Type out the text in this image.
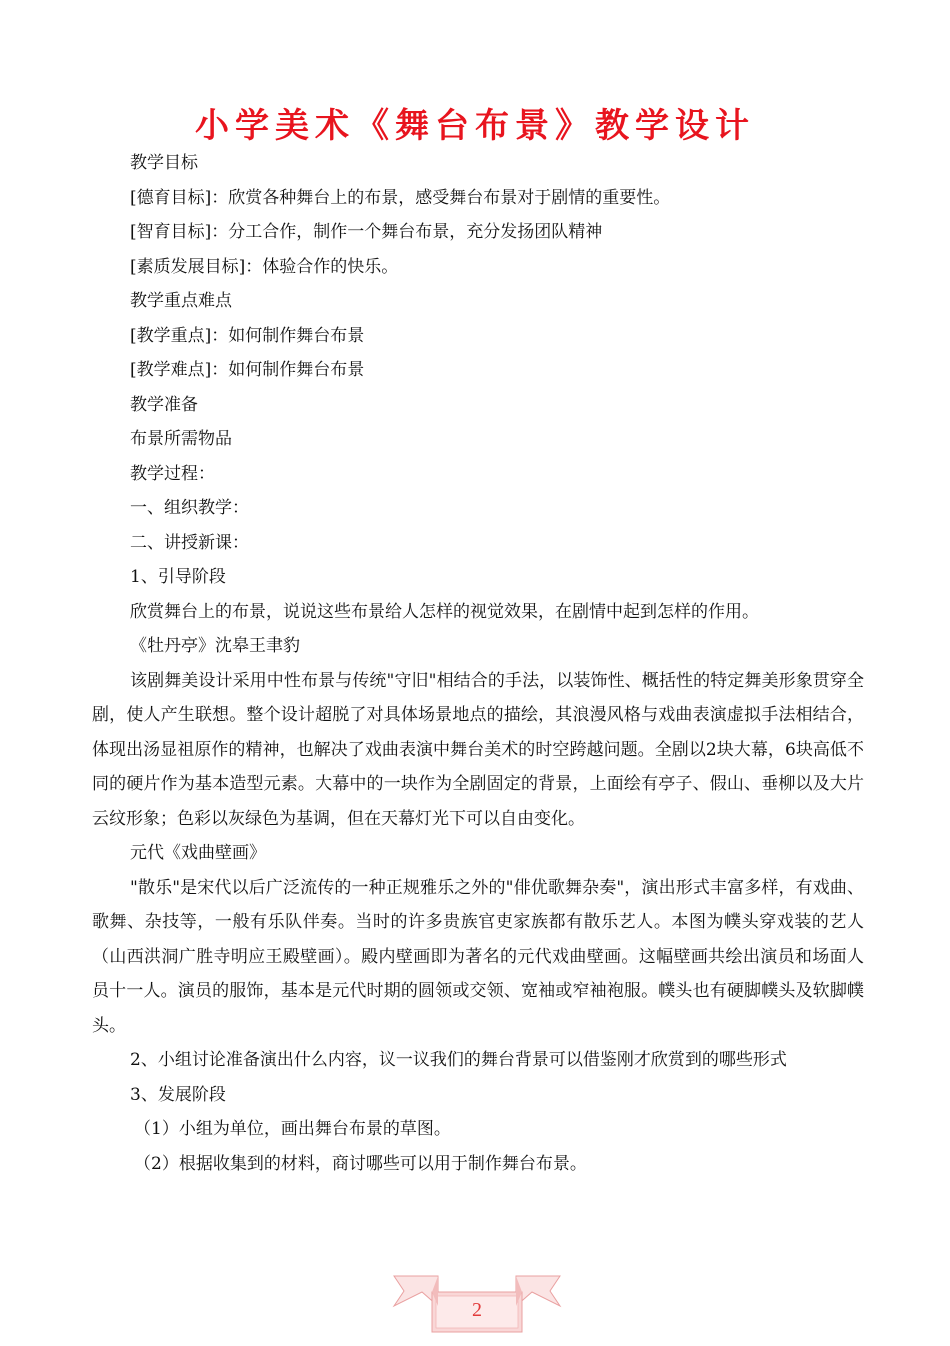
小学美术《舞台布景》教学设计
教学目标
[德育目标]：欣赏各种舞台上的布景，感受舞台布景对于剧情的重要性。
[智育目标]：分工合作，制作一个舞台布景，充分发扬团队精神
[素质发展目标]：体验合作的快乐。
教学重点难点
[教学重点]：如何制作舞台布景
[教学难点]：如何制作舞台布景
教学准备
布景所需物品
教学过程：
一、组织教学：
二、讲授新课：
1、引导阶段
欣赏舞台上的布景，说说这些布景给人怎样的视觉效果，在剧情中起到怎样的作用。
《牡丹亭》沈皋王聿豹

该剧舞美设计采用中性布景与传统"守旧"相结合的手法，以装饰性、概括性的特定舞美形象贯穿全剧，使人产生联想。整个设计超脱了对具体场景地点的描绘，其浪漫风格与戏曲表演虚拟手法相结合，体现出汤显祖原作的精神，也解决了戏曲表演中舞台美术的时空跨越问题。全剧以2块大幕，6块高低不同的硬片作为基本造型元素。大幕中的一块作为全剧固定的背景，上面绘有亭子、假山、垂柳以及大片云纹形象；色彩以灰绿色为基调，但在天幕灯光下可以自由变化。

元代《戏曲壁画》

"散乐"是宋代以后广泛流传的一种正规雅乐之外的"俳优歌舞杂奏"，演出形式丰富多样，有戏曲、歌舞、杂技等，一般有乐队伴奏。当时的许多贵族官吏家族都有散乐艺人。本图为幞头穿戏装的艺人（山西洪洞广胜寺明应王殿壁画）。殿内壁画即为著名的元代戏曲壁画。这幅壁画共绘出演员和场面人员十一人。演员的服饰，基本是元代时期的圆领或交领、宽袖或窄袖袍服。幞头也有硬脚幞头及软脚幞头。

2、小组讨论准备演出什么内容，议一议我们的舞台背景可以借鉴刚才欣赏到的哪些形式
3、发展阶段
（1）小组为单位，画出舞台布景的草图。
（2）根据收集到的材料，商讨哪些可以用于制作舞台布景。
2
